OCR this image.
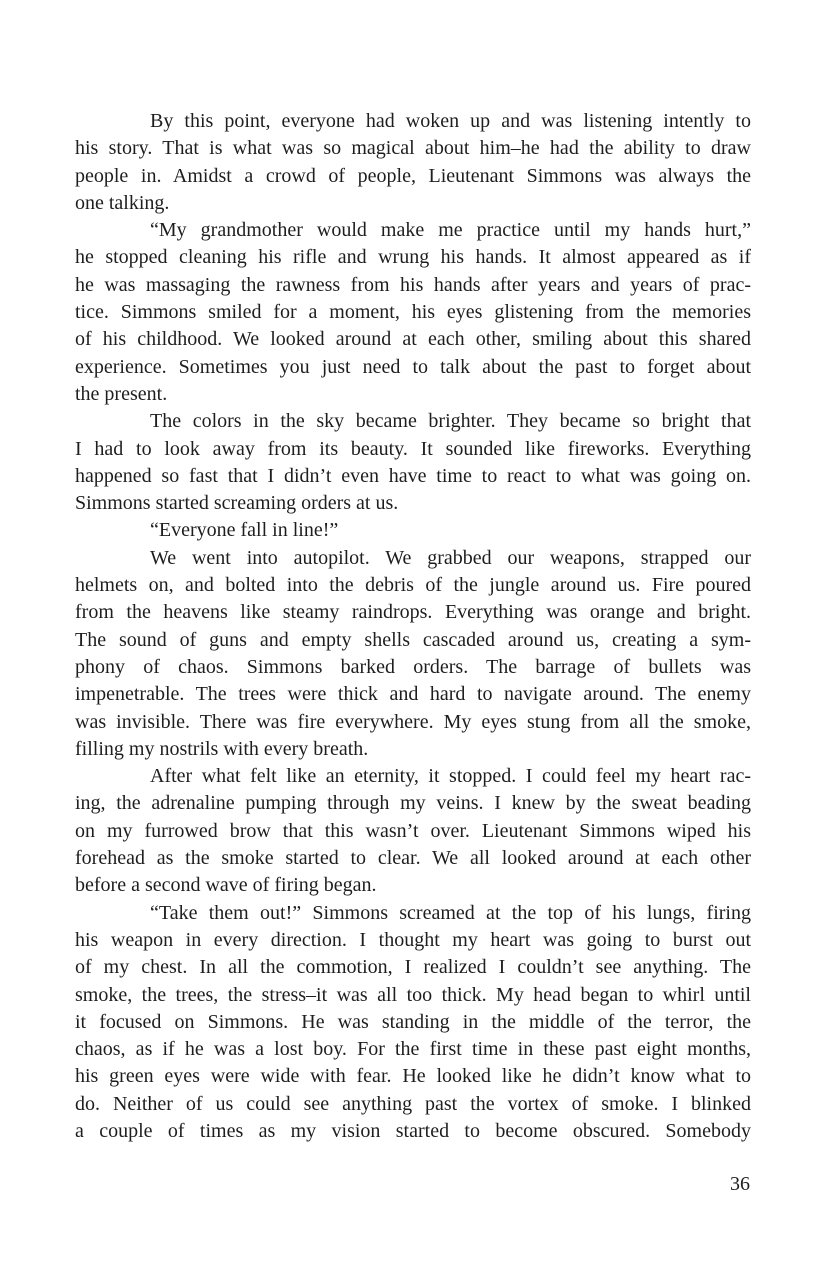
By this point, everyone had woken up and was listening intently to
his story. That is what was so magical about him–he had the ability to draw
people in. Amidst a crowd of people, Lieutenant Simmons was always the
one talking.
“My grandmother would make me practice until my hands hurt,”
he stopped cleaning his rifle and wrung his hands. It almost appeared as if
he was massaging the rawness from his hands after years and years of prac-
tice. Simmons smiled for a moment, his eyes glistening from the memories
of his childhood. We looked around at each other, smiling about this shared
experience. Sometimes you just need to talk about the past to forget about
the present.
The colors in the sky became brighter. They became so bright that
I had to look away from its beauty. It sounded like fireworks. Everything
happened so fast that I didn’t even have time to react to what was going on.
Simmons started screaming orders at us.
“Everyone fall in line!”
We went into autopilot. We grabbed our weapons, strapped our
helmets on, and bolted into the debris of the jungle around us. Fire poured
from the heavens like steamy raindrops. Everything was orange and bright.
The sound of guns and empty shells cascaded around us, creating a sym-
phony of chaos. Simmons barked orders. The barrage of bullets was
impenetrable. The trees were thick and hard to navigate around. The enemy
was invisible. There was fire everywhere. My eyes stung from all the smoke,
filling my nostrils with every breath.
After what felt like an eternity, it stopped. I could feel my heart rac-
ing, the adrenaline pumping through my veins. I knew by the sweat beading
on my furrowed brow that this wasn’t over. Lieutenant Simmons wiped his
forehead as the smoke started to clear. We all looked around at each other
before a second wave of firing began.
“Take them out!” Simmons screamed at the top of his lungs, firing
his weapon in every direction. I thought my heart was going to burst out
of my chest. In all the commotion, I realized I couldn’t see anything. The
smoke, the trees, the stress–it was all too thick. My head began to whirl until
it focused on Simmons. He was standing in the middle of the terror, the
chaos, as if he was a lost boy. For the first time in these past eight months,
his green eyes were wide with fear. He looked like he didn’t know what to
do. Neither of us could see anything past the vortex of smoke. I blinked
a couple of times as my vision started to become obscured. Somebody
36
